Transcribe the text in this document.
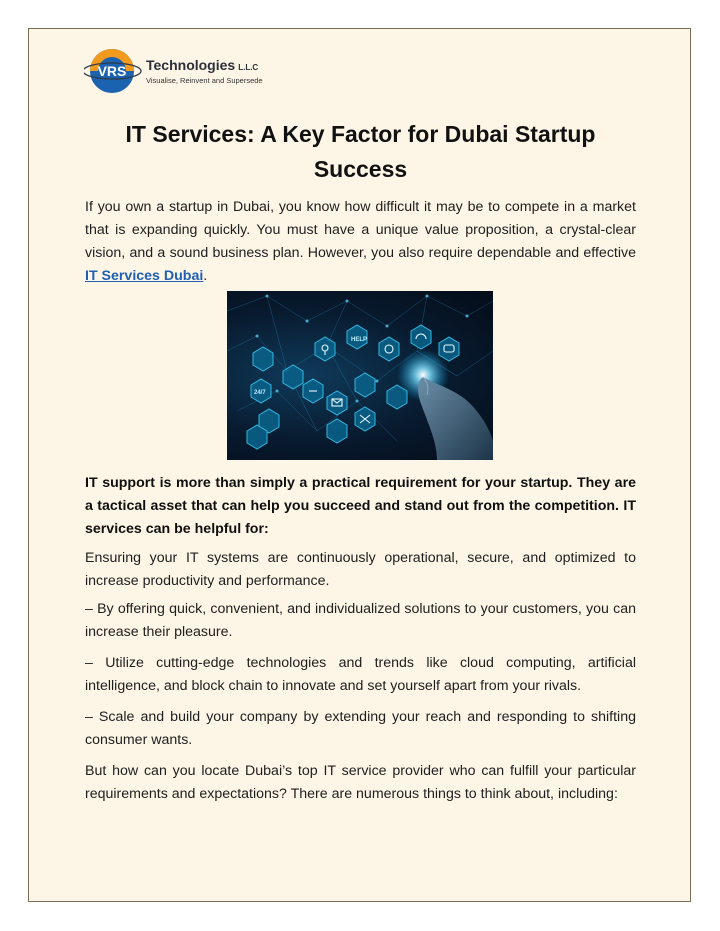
VRS Technologies L.L.C
Visualise, Reinvent and Supersede
IT Services: A Key Factor for Dubai Startup Success

If you own a startup in Dubai, you know how difficult it may be to compete in a market that is expanding quickly. You must have a unique value proposition, a crystal-clear vision, and a sound business plan. However, you also require dependable and effective IT Services Dubai.

HELP
24/7

IT support is more than simply a practical requirement for your startup. They are a tactical asset that can help you succeed and stand out from the competition. IT services can be helpful for:

Ensuring your IT systems are continuously operational, secure, and optimized to increase productivity and performance.

– By offering quick, convenient, and individualized solutions to your customers, you can increase their pleasure.

– Utilize cutting-edge technologies and trends like cloud computing, artificial intelligence, and block chain to innovate and set yourself apart from your rivals.

– Scale and build your company by extending your reach and responding to shifting consumer wants.

But how can you locate Dubai’s top IT service provider who can fulfill your particular requirements and expectations? There are numerous things to think about, including:
